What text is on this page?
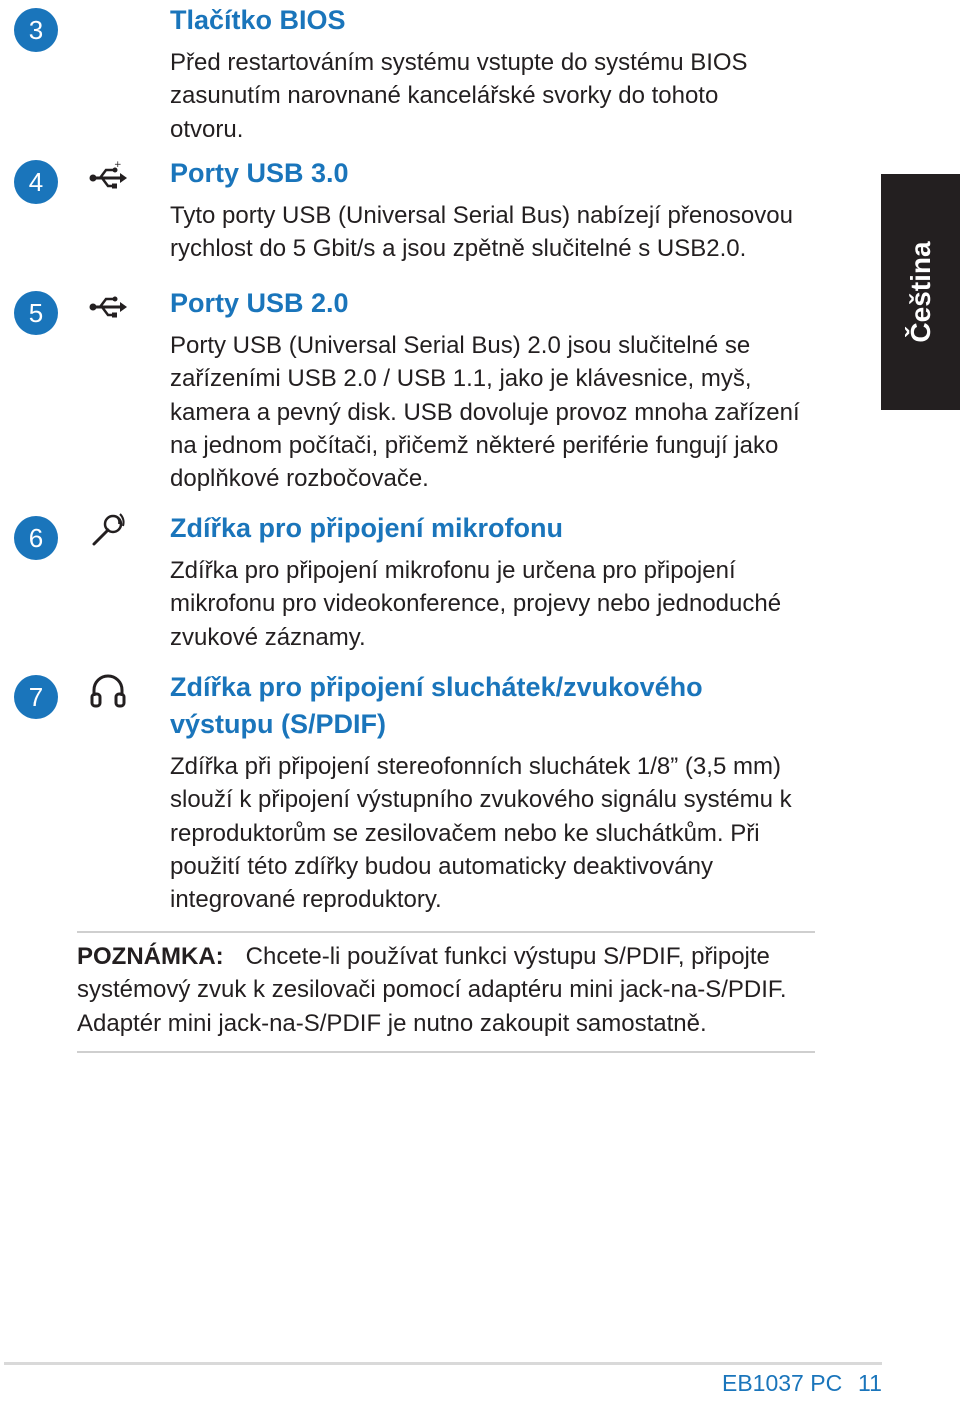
3	Tlačítko BIOS
Před restartováním systému vstupte do systému BIOS zasunutím narovnané kancelářské svorky do tohoto otvoru.
4
+ Porty USB 3.0
Tyto porty USB (Universal Serial Bus) nabízejí přenosovou rychlost do 5 Gbit/s a jsou zpětně slučitelné s USB2.0.
5	Porty USB 2.0
Porty USB (Universal Serial Bus) 2.0 jsou slučitelné se zařízeními USB 2.0 / USB 1.1, jako je klávesnice, myš, kamera a pevný disk. USB dovoluje provoz mnoha zařízení na jednom počítači, přičemž některé periférie fungují jako doplňkové rozbočovače.
6	Zdířka pro připojení mikrofonu
Zdířka pro připojení mikrofonu je určena pro připojení mikrofonu pro videokonference, projevy nebo jednoduché zvukové záznamy.
7	Zdířka pro připojení sluchátek/zvukového výstupu (S/PDIF)
Zdířka při připojení stereofonních sluchátek 1/8” (3,5 mm) slouží k připojení výstupního zvukového signálu systému k reproduktorům se zesilovačem nebo ke sluchátkům. Při použití této zdířky budou automaticky deaktivovány integrované reproduktory.
Čeština
POZNÁMKA: Chcete-li používat funkci výstupu S/PDIF, připojte systémový zvuk k zesilovači pomocí adaptéru mini jack-na-S/PDIF. Adaptér mini jack-na-S/PDIF je nutno zakoupit samostatně.
EB1037 PC 11
